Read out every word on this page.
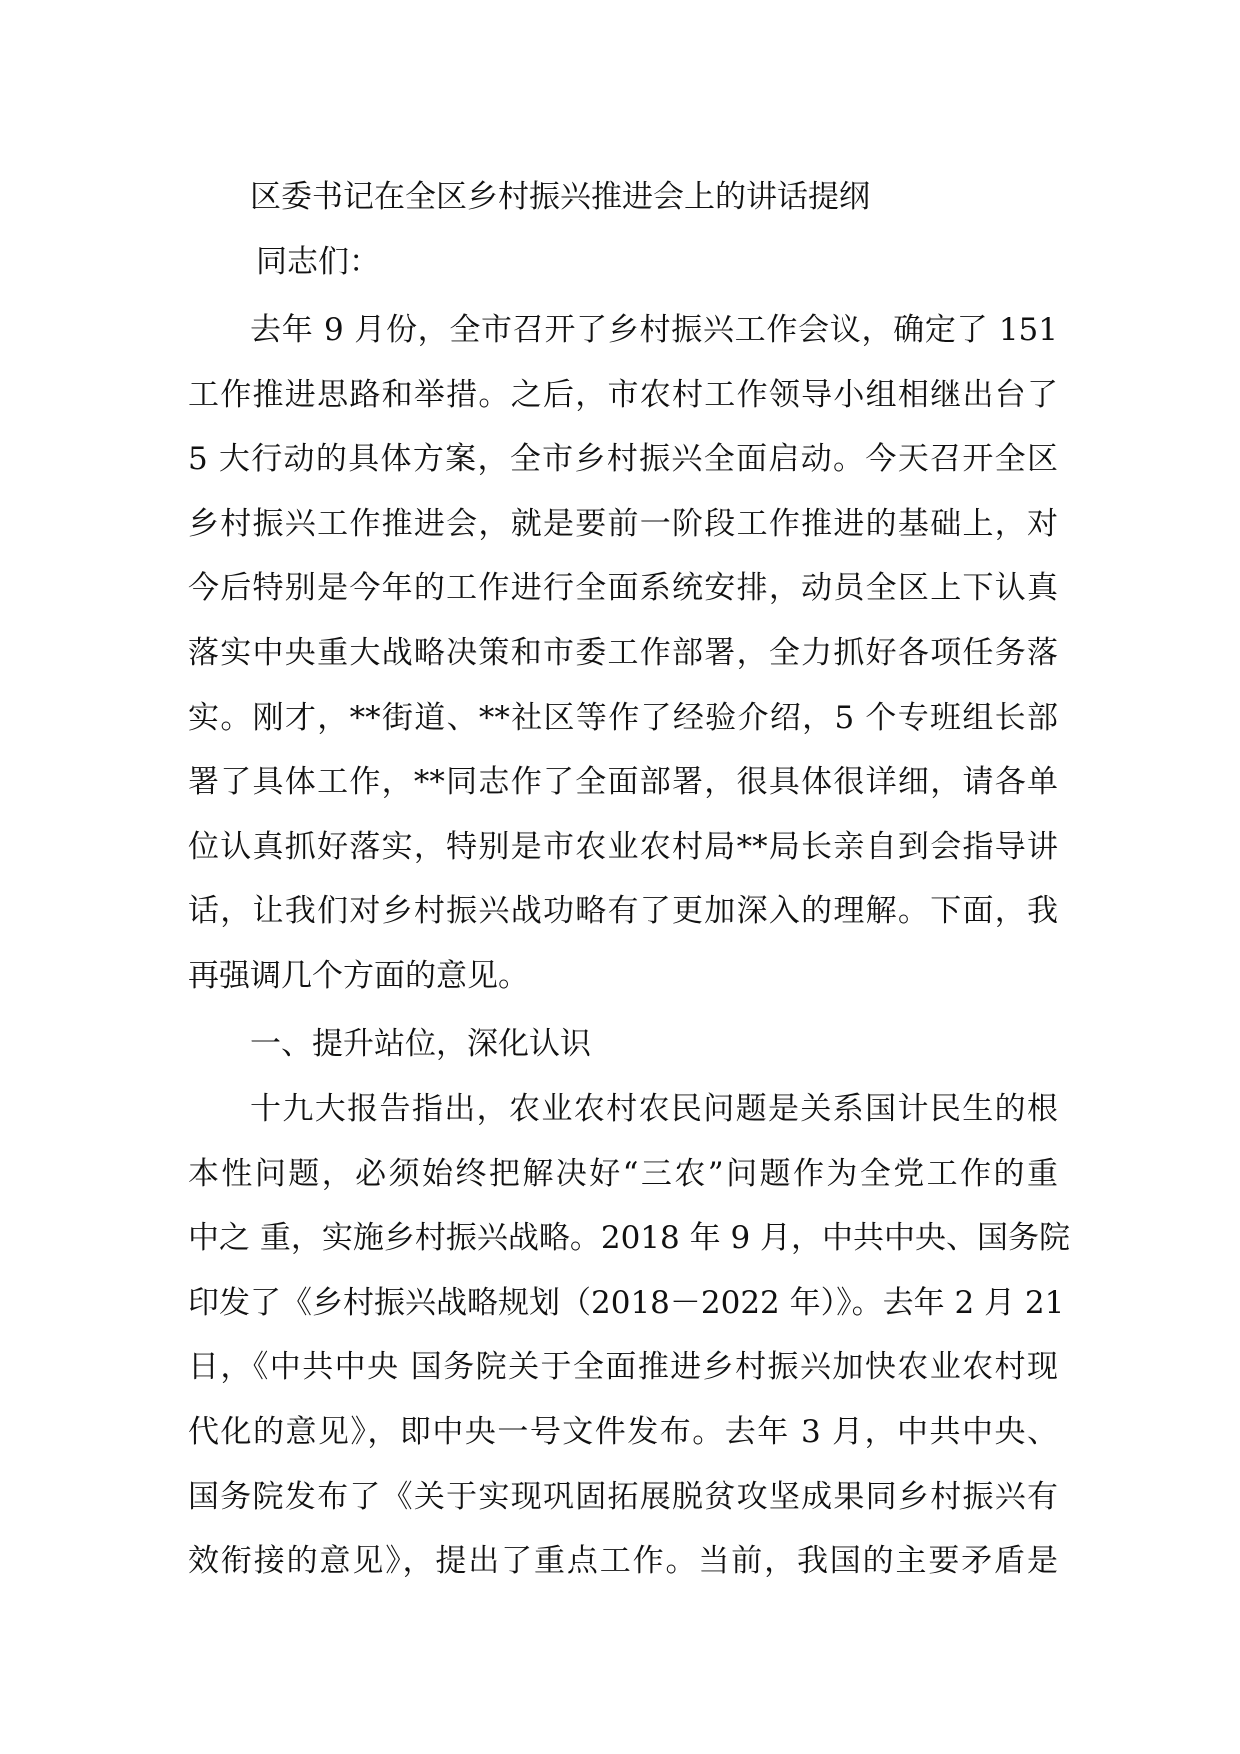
区委书记在全区乡村振兴推进会上的讲话提纲
同志们：
去年 9 月份，全市召开了乡村振兴工作会议，确定了 151
工作推进思路和举措。之后，市农村工作领导小组相继出台了
5 大行动的具体方案，全市乡村振兴全面启动。今天召开全区
乡村振兴工作推进会，就是要前一阶段工作推进的基础上，对
今后特别是今年的工作进行全面系统安排，动员全区上下认真
落实中央重大战略决策和市委工作部署，全力抓好各项任务落
实。刚才，**街道、**社区等作了经验介绍，5 个专班组长部
署了具体工作，**同志作了全面部署，很具体很详细，请各单
位认真抓好落实，特别是市农业农村局**局长亲自到会指导讲
话，让我们对乡村振兴战功略有了更加深入的理解。下面，我
再强调几个方面的意见。
一、提升站位，深化认识
十九大报告指出，农业农村农民问题是关系国计民生的根
本性问题，必须始终把解决好“三农”问题作为全党工作的重
中之 重，实施乡村振兴战略。2018 年 9 月，中共中央、国务院
印发了《乡村振兴战略规划（2018－2022 年）》。去年 2 月 21
日，《中共中央 国务院关于全面推进乡村振兴加快农业农村现
代化的意见》，即中央一号文件发布。去年 3 月，中共中央、
国务院发布了《关于实现巩固拓展脱贫攻坚成果同乡村振兴有
效衔接的意见》，提出了重点工作。当前，我国的主要矛盾是
